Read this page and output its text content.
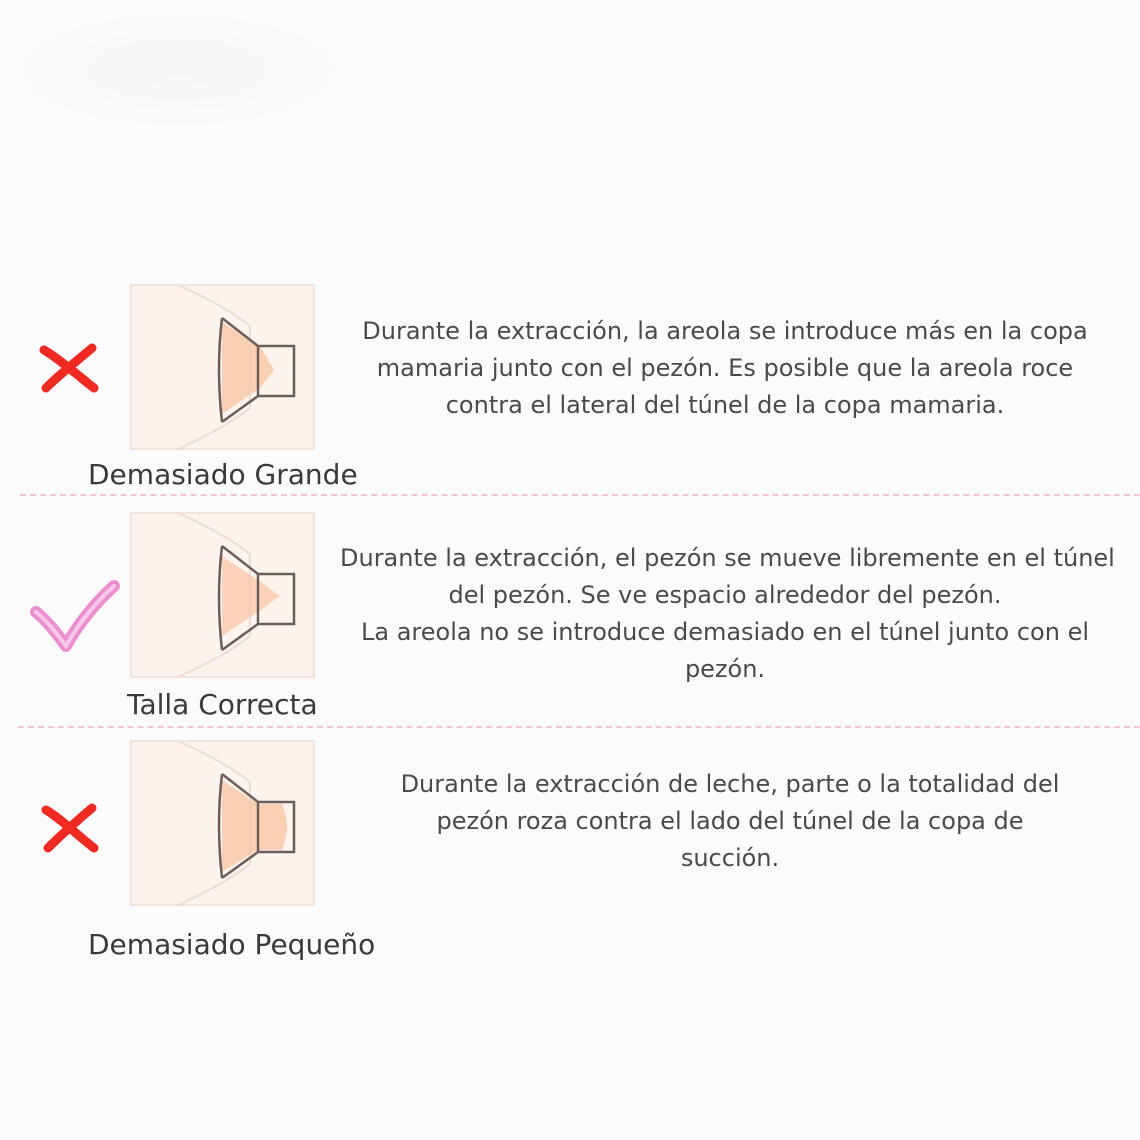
Demasiado Grande
Durante la extracción, la areola se introduce más en la copa
mamaria junto con el pezón. Es posible que la areola roce
contra el lateral del túnel de la copa mamaria.
Talla Correcta
Durante la extracción, el pezón se mueve libremente en el túnel
del pezón. Se ve espacio alrededor del pezón.
La areola no se introduce demasiado en el túnel junto con el
pezón.
Demasiado Pequeño
Durante la extracción de leche, parte o la totalidad del
pezón roza contra el lado del túnel de la copa de
succión.
